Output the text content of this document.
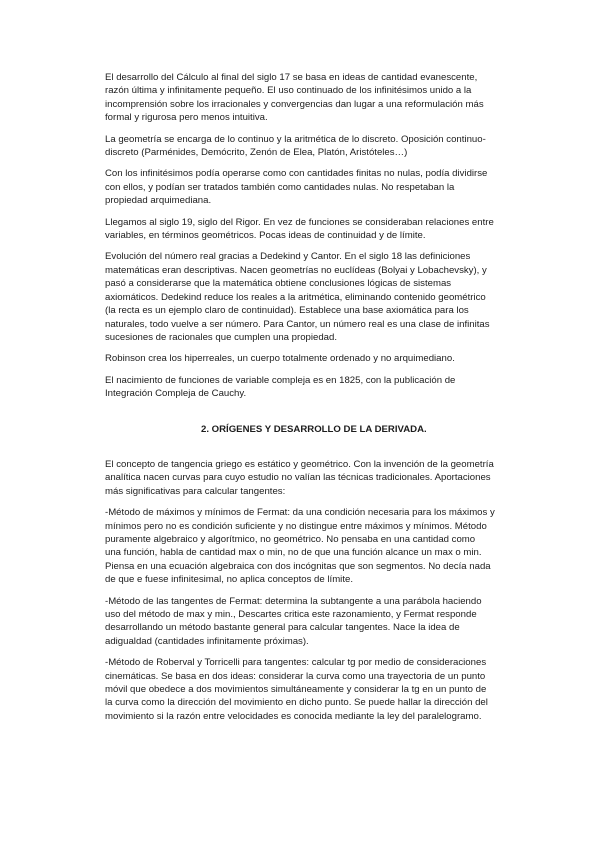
El desarrollo del Cálculo al final del siglo 17 se basa en ideas de cantidad evanescente,
razón última y infinitamente pequeño. El uso continuado de los infinitésimos unido a la
incomprensión sobre los irracionales y convergencias dan lugar a una reformulación más
formal y rigurosa pero menos intuitiva.

La geometría se encarga de lo continuo y la aritmética de lo discreto. Oposición continuo-
discreto (Parménides, Demócrito, Zenón de Elea, Platón, Aristóteles…)

Con los infinitésimos podía operarse como con cantidades finitas no nulas, podía dividirse
con ellos, y podían ser tratados también como cantidades nulas. No respetaban la
propiedad arquimediana.

Llegamos al siglo 19, siglo del Rigor. En vez de funciones se consideraban relaciones entre
variables, en términos geométricos. Pocas ideas de continuidad y de límite.

Evolución del número real gracias a Dedekind y Cantor. En el siglo 18 las definiciones
matemáticas eran descriptivas. Nacen geometrías no euclídeas (Bolyai y Lobachevsky), y
pasó a considerarse que la matemática obtiene conclusiones lógicas de sistemas
axiomáticos. Dedekind reduce los reales a la aritmética, eliminando contenido geométrico
(la recta es un ejemplo claro de continuidad). Establece una base axiomática para los
naturales, todo vuelve a ser número. Para Cantor, un número real es una clase de infinitas
sucesiones de racionales que cumplen una propiedad.

Robinson crea los hiperreales, un cuerpo totalmente ordenado y no arquimediano.

El nacimiento de funciones de variable compleja es en 1825, con la publicación de
Integración Compleja de Cauchy.

2. ORÍGENES Y DESARROLLO DE LA DERIVADA.

El concepto de tangencia griego es estático y geométrico. Con la invención de la geometría
analítica nacen curvas para cuyo estudio no valían las técnicas tradicionales. Aportaciones
más significativas para calcular tangentes:

-Método de máximos y mínimos de Fermat: da una condición necesaria para los máximos y
mínimos pero no es condición suficiente y no distingue entre máximos y mínimos. Método
puramente algebraico y algorítmico, no geométrico. No pensaba en una cantidad como
una función, habla de cantidad max o min, no de que una función alcance un max o min.
Piensa en una ecuación algebraica con dos incógnitas que son segmentos. No decía nada
de que e fuese infinitesimal, no aplica conceptos de límite.

-Método de las tangentes de Fermat: determina la subtangente a una parábola haciendo
uso del método de max y min., Descartes critica este razonamiento, y Fermat responde
desarrollando un método bastante general para calcular tangentes. Nace la idea de
adigualdad (cantidades infinitamente próximas).

-Método de Roberval y Torricelli para tangentes: calcular tg por medio de consideraciones
cinemáticas. Se basa en dos ideas: considerar la curva como una trayectoria de un punto
móvil que obedece a dos movimientos simultáneamente y considerar la tg en un punto de
la curva como la dirección del movimiento en dicho punto. Se puede hallar la dirección del
movimiento si la razón entre velocidades es conocida mediante la ley del paralelogramo.
